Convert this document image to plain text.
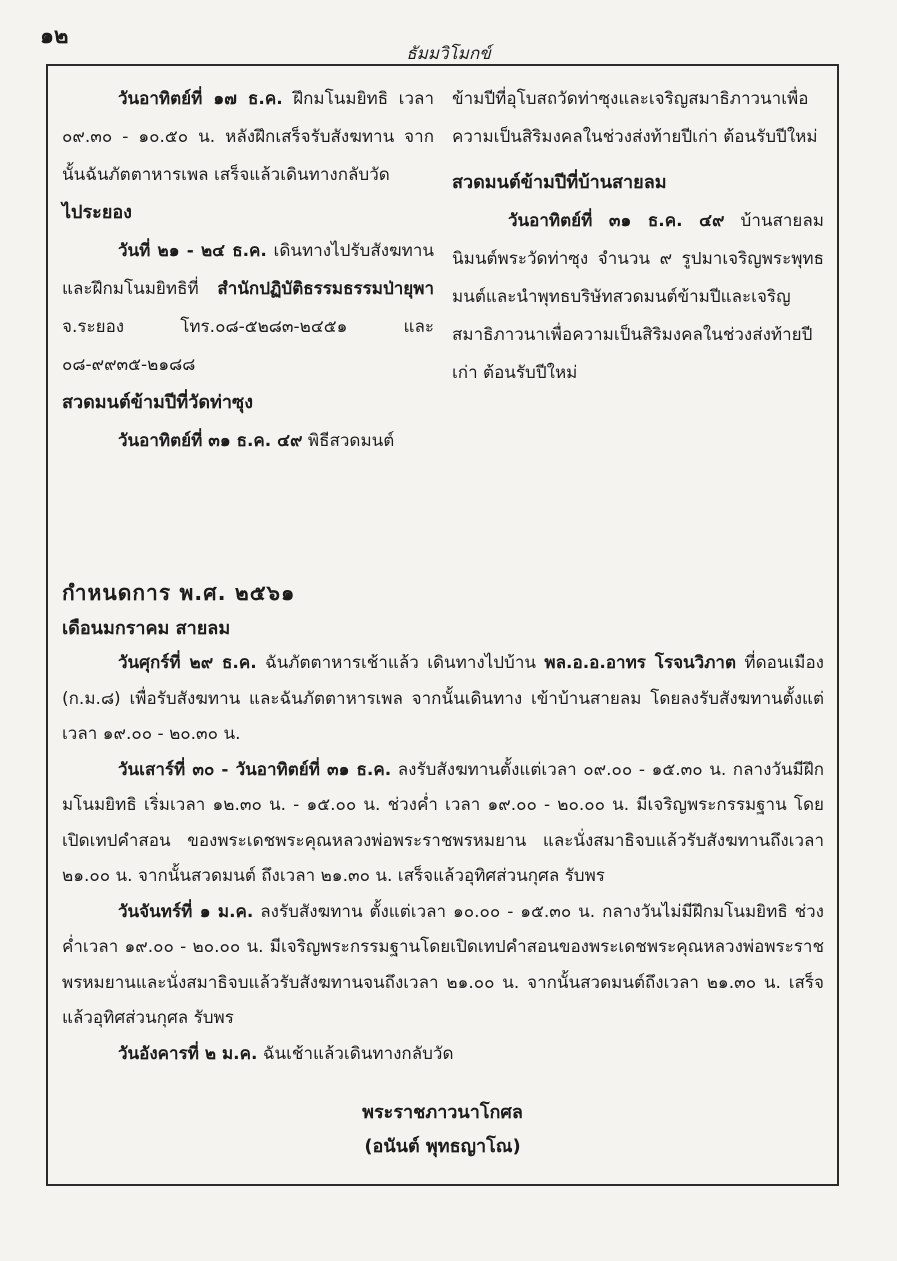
๑๒
ธัมมวิโมกข์

วันอาทิตย์ที่ ๑๗ ธ.ค. ฝึกมโนมยิทธิ เวลา ๐๙.๓๐ - ๑๐.๕๐ น. หลังฝึกเสร็จรับสังฆทาน จากนั้นฉันภัตตาหารเพล เสร็จแล้วเดินทางกลับวัด

ไประยอง

วันที่ ๒๑ - ๒๔ ธ.ค. เดินทางไปรับสังฆทานและฝึกมโนมยิทธิที่ สำนักปฏิบัติธรรมธรรมป่ายุพา จ.ระยอง โทร.๐๘-๕๒๘๓-๒๔๕๑ และ ๐๘-๙๙๓๕-๒๑๘๘

สวดมนต์ข้ามปีที่วัดท่าซุง

วันอาทิตย์ที่ ๓๑ ธ.ค. ๔๙ พิธีสวดมนต์

ข้ามปีที่อุโบสถวัดท่าซุงและเจริญสมาธิภาวนาเพื่อความเป็นสิริมงคลในช่วงส่งท้ายปีเก่า ต้อนรับปีใหม่

สวดมนต์ข้ามปีที่บ้านสายลม

วันอาทิตย์ที่ ๓๑ ธ.ค. ๔๙ บ้านสายลมนิมนต์พระวัดท่าซุง จำนวน ๙ รูปมาเจริญพระพุทธมนต์และนำพุทธบริษัทสวดมนต์ข้ามปีและเจริญสมาธิภาวนาเพื่อความเป็นสิริมงคลในช่วงส่งท้ายปีเก่า ต้อนรับปีใหม่

กำหนดการ พ.ศ. ๒๕๖๑

เดือนมกราคม สายลม

วันศุกร์ที่ ๒๙ ธ.ค. ฉันภัตตาหารเช้าแล้ว เดินทางไปบ้าน พล.อ.อ.อาทร โรจนวิภาต ที่ดอนเมือง (ก.ม.๘) เพื่อรับสังฆทาน และฉันภัตตาหารเพล จากนั้นเดินทาง เข้าบ้านสายลม โดยลงรับสังฆทานตั้งแต่เวลา ๑๙.๐๐ - ๒๐.๓๐ น.

วันเสาร์ที่ ๓๐ - วันอาทิตย์ที่ ๓๑ ธ.ค. ลงรับสังฆทานตั้งแต่เวลา ๐๙.๐๐ - ๑๕.๓๐ น. กลางวันมีฝึกมโนมยิทธิ เริ่มเวลา ๑๒.๓๐ น. - ๑๕.๐๐ น. ช่วงค่ำ เวลา ๑๙.๐๐ - ๒๐.๐๐ น. มีเจริญพระกรรมฐาน โดยเปิดเทปคำสอน ของพระเดชพระคุณหลวงพ่อพระราชพรหมยาน และนั่งสมาธิจบแล้วรับสังฆทานถึงเวลา ๒๑.๐๐ น. จากนั้นสวดมนต์ ถึงเวลา ๒๑.๓๐ น. เสร็จแล้วอุทิศส่วนกุศล รับพร

วันจันทร์ที่ ๑ ม.ค. ลงรับสังฆทาน ตั้งแต่เวลา ๑๐.๐๐ - ๑๕.๓๐ น. กลางวันไม่มีฝึกมโนมยิทธิ ช่วงค่ำเวลา ๑๙.๐๐ - ๒๐.๐๐ น. มีเจริญพระกรรมฐานโดยเปิดเทปคำสอนของพระเดชพระคุณหลวงพ่อพระราชพรหมยานและนั่งสมาธิจบแล้วรับสังฆทานจนถึงเวลา ๒๑.๐๐ น. จากนั้นสวดมนต์ถึงเวลา ๒๑.๓๐ น. เสร็จแล้วอุทิศส่วนกุศล รับพร

วันอังคารที่ ๒ ม.ค. ฉันเช้าแล้วเดินทางกลับวัด

พระราชภาวนาโกศล
(อนันต์ พุทธญาโณ)
